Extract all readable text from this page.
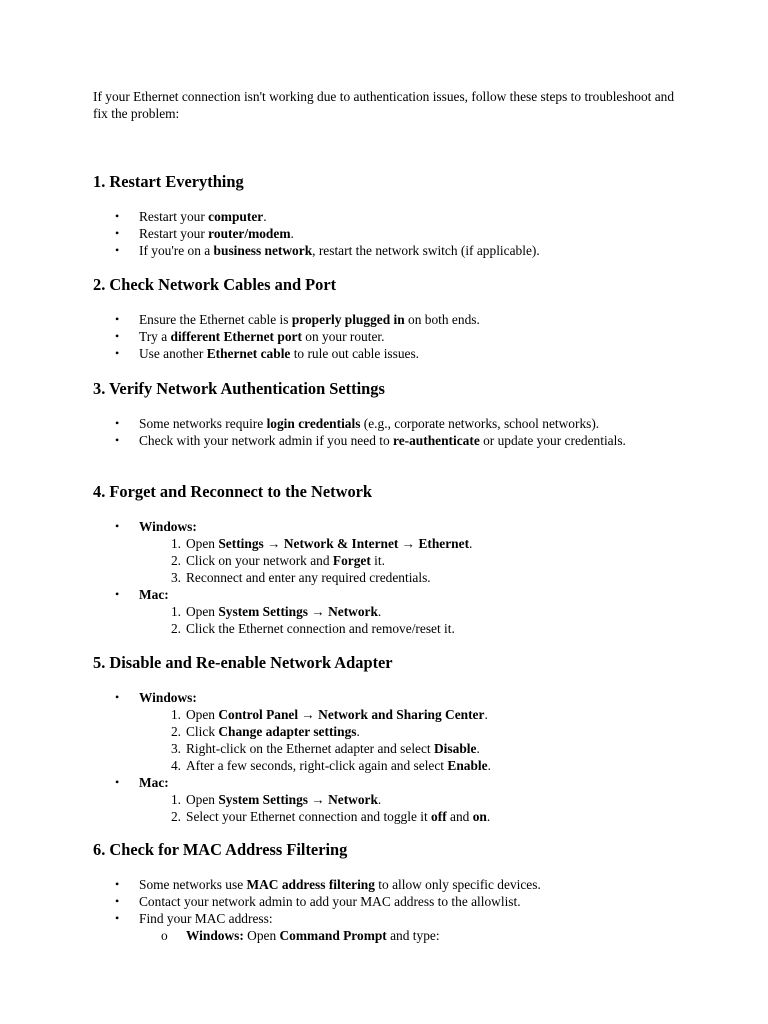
If your Ethernet connection isn't working due to authentication issues, follow these steps to troubleshoot and fix the problem:

1. Restart Everything
• Restart your computer.
• Restart your router/modem.
• If you're on a business network, restart the network switch (if applicable).
2. Check Network Cables and Port
• Ensure the Ethernet cable is properly plugged in on both ends.
• Try a different Ethernet port on your router.
• Use another Ethernet cable to rule out cable issues.
3. Verify Network Authentication Settings
• Some networks require login credentials (e.g., corporate networks, school networks).
• Check with your network admin if you need to re-authenticate or update your credentials.
4. Forget and Reconnect to the Network
• Windows:
1. Open Settings → Network & Internet → Ethernet.
2. Click on your network and Forget it.
3. Reconnect and enter any required credentials.
• Mac:
1. Open System Settings → Network.
2. Click the Ethernet connection and remove/reset it.
5. Disable and Re-enable Network Adapter
• Windows:
1. Open Control Panel → Network and Sharing Center.
2. Click Change adapter settings.
3. Right-click on the Ethernet adapter and select Disable.
4. After a few seconds, right-click again and select Enable.
• Mac:
1. Open System Settings → Network.
2. Select your Ethernet connection and toggle it off and on.
6. Check for MAC Address Filtering
• Some networks use MAC address filtering to allow only specific devices.
• Contact your network admin to add your MAC address to the allowlist.
• Find your MAC address:
o Windows: Open Command Prompt and type:
